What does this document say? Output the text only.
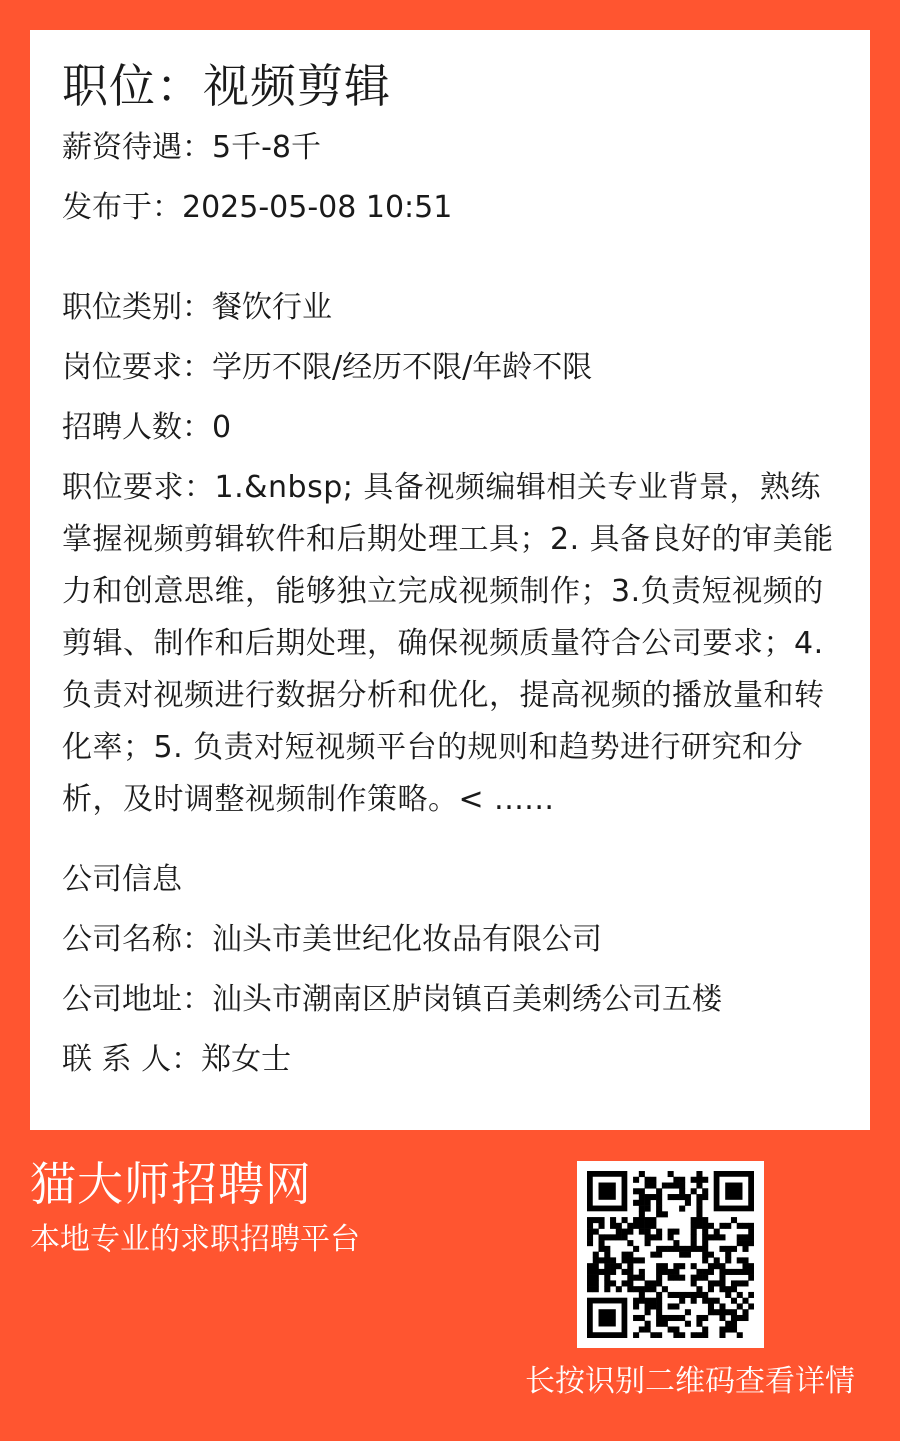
职位：视频剪辑
薪资待遇：5千-8千
发布于：2025-05-08 10:51
职位类别：餐饮行业
岗位要求：学历不限/经历不限/年龄不限
招聘人数：0
职位要求：1.&nbsp; 具备视频编辑相关专业背景，熟练掌握视频剪辑软件和后期处理工具；2. 具备良好的审美能力和创意思维，能够独立完成视频制作；3.负责短视频的剪辑、制作和后期处理，确保视频质量符合公司要求；4. 负责对视频进行数据分析和优化，提高视频的播放量和转化率；5. 负责对短视频平台的规则和趋势进行研究和分析，及时调整视频制作策略。< ......
公司信息
公司名称：汕头市美世纪化妆品有限公司
公司地址：汕头市潮南区胪岗镇百美刺绣公司五楼
联 系 人：郑女士
猫大师招聘网
本地专业的求职招聘平台
长按识别二维码查看详情
